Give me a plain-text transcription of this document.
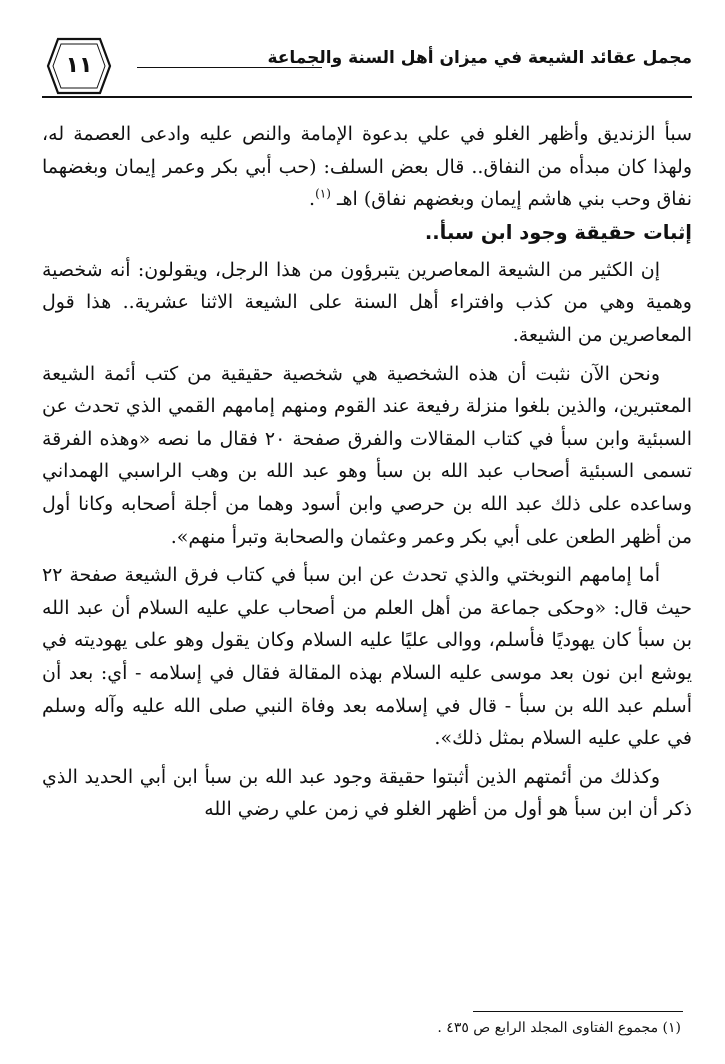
مجمل عقائد الشيعة في ميزان أهل السنة والجماعة
١١

سبأ الزنديق وأظهر الغلو في علي بدعوة الإمامة والنص عليه وادعى العصمة له، ولهذا كان مبدأه من النفاق.. قال بعض السلف: (حب أبي بكر وعمر إيمان وبغضهما نفاق وحب بني هاشم إيمان وبغضهم نفاق) اهـ $^{(١)}$.

إثبات حقيقة وجود ابن سبأ..

إن الكثير من الشيعة المعاصرين يتبرؤون من هذا الرجل، ويقولون: أنه شخصية وهمية وهي من كذب وافتراء أهل السنة على الشيعة الاثنا عشرية.. هذا قول المعاصرين من الشيعة.

ونحن الآن نثبت أن هذه الشخصية هي شخصية حقيقية من كتب أئمة الشيعة المعتبرين، والذين بلغوا منزلة رفيعة عند القوم ومنهم إمامهم القمي الذي تحدث عن السبئية وابن سبأ في كتاب المقالات والفرق صفحة ٢٠ فقال ما نصه «وهذه الفرقة تسمى السبئية أصحاب عبد الله بن سبأ وهو عبد الله بن وهب الراسبي الهمداني وساعده على ذلك عبد الله بن حرصي وابن أسود وهما من أجلة أصحابه وكانا أول من أظهر الطعن على أبي بكر وعمر وعثمان والصحابة وتبرأ منهم».

أما إمامهم النوبختي والذي تحدث عن ابن سبأ في كتاب فرق الشيعة صفحة ٢٢ حيث قال: «وحكى جماعة من أهل العلم من أصحاب علي عليه السلام أن عبد الله بن سبأ كان يهوديًا فأسلم، ووالى عليًا عليه السلام وكان يقول وهو على يهوديته في يوشع ابن نون بعد موسى عليه السلام بهذه المقالة فقال في إسلامه - أي: بعد أن أسلم عبد الله بن سبأ - قال في إسلامه بعد وفاة النبي صلى الله عليه وآله وسلم في علي عليه السلام بمثل ذلك».

وكذلك من أئمتهم الذين أثبتوا حقيقة وجود عبد الله بن سبأ ابن أبي الحديد الذي ذكر أن ابن سبأ هو أول من أظهر الغلو في زمن علي رضي الله

(١) مجموع الفتاوى المجلد الرابع ص ٤٣٥ .
